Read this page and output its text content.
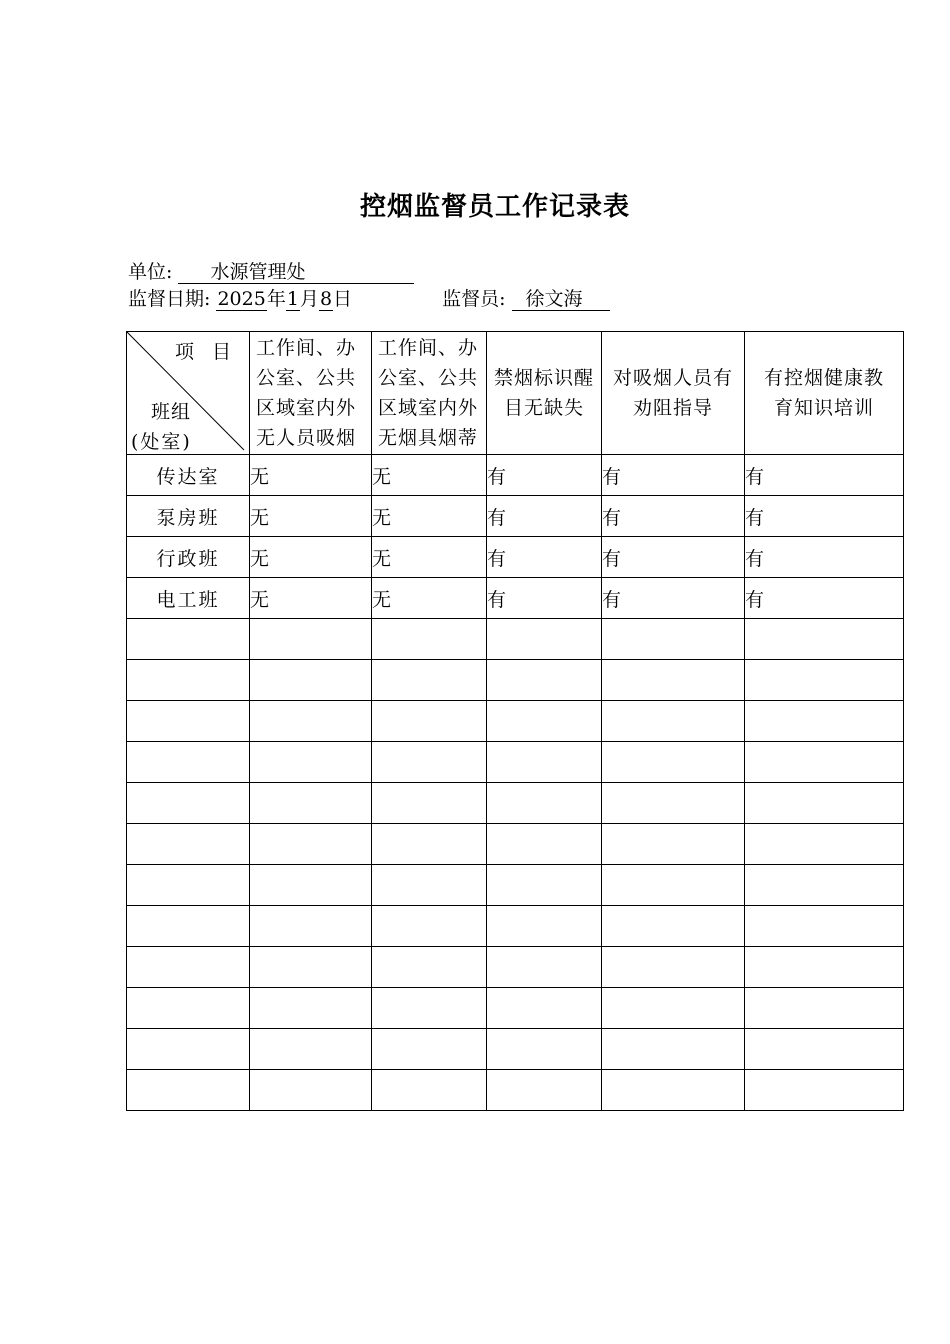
控烟监督员工作记录表
单位: 水源管理处
监督日期: 2025年1月8日	监督员: 徐文海
项 目
班组
(处室)	工作间、办公室、公共区域室内外无人员吸烟	工作间、办公室、公共区域室内外无烟具烟蒂	禁烟标识醒目无缺失	对吸烟人员有劝阻指导	有控烟健康教育知识培训
传达室	无	无	有	有	有
泵房班	无	无	有	有	有
行政班	无	无	有	有	有
电工班	无	无	有	有	有
